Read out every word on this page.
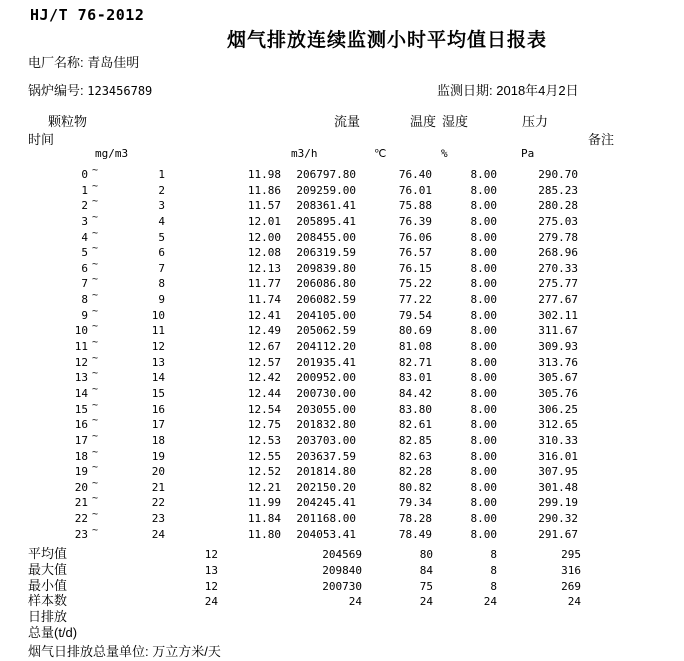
HJ/T 76-2012
烟气排放连续监测小时平均值日报表
电厂名称: 青岛佳明
锅炉编号: 123456789	监测日期: 2018年4月2日
颗粒物
时间
流量	温度 湿度	压力
备注
mg/m3	m3/h	℃	%	Pa
0 ~	1	11.98	206797.80	76.40	8.00	290.70
1 ~	2	11.86	209259.00	76.01	8.00	285.23
2 ~	3	11.57	208361.41	75.88	8.00	280.28
3 ~	4	12.01	205895.41	76.39	8.00	275.03
4 ~	5	12.00	208455.00	76.06	8.00	279.78
5 ~	6	12.08	206319.59	76.57	8.00	268.96
6 ~	7	12.13	209839.80	76.15	8.00	270.33
7 ~	8	11.77	206086.80	75.22	8.00	275.77
8 ~	9	11.74	206082.59	77.22	8.00	277.67
9 ~	10	12.41	204105.00	79.54	8.00	302.11
10 ~	11	12.49	205062.59	80.69	8.00	311.67
11 ~	12	12.67	204112.20	81.08	8.00	309.93
12 ~	13	12.57	201935.41	82.71	8.00	313.76
13 ~	14	12.42	200952.00	83.01	8.00	305.67
14 ~	15	12.44	200730.00	84.42	8.00	305.76
15 ~	16	12.54	203055.00	83.80	8.00	306.25
16 ~	17	12.75	201832.80	82.61	8.00	312.65
17 ~	18	12.53	203703.00	82.85	8.00	310.33
18 ~	19	12.55	203637.59	82.63	8.00	316.01
19 ~	20	12.52	201814.80	82.28	8.00	307.95
20 ~	21	12.21	202150.20	80.82	8.00	301.48
21 ~	22	11.99	204245.41	79.34	8.00	299.19
22 ~	23	11.84	201168.00	78.28	8.00	290.32
23 ~	24	11.80	204053.41	78.49	8.00	291.67
平均值	12	204569	80	8	295
最大值	13	209840	84	8	316
最小值	12	200730	75	8	269
样本数	24	24	24	24	24
日排放
总量(t/d)
烟气日排放总量单位: 万立方米/天
